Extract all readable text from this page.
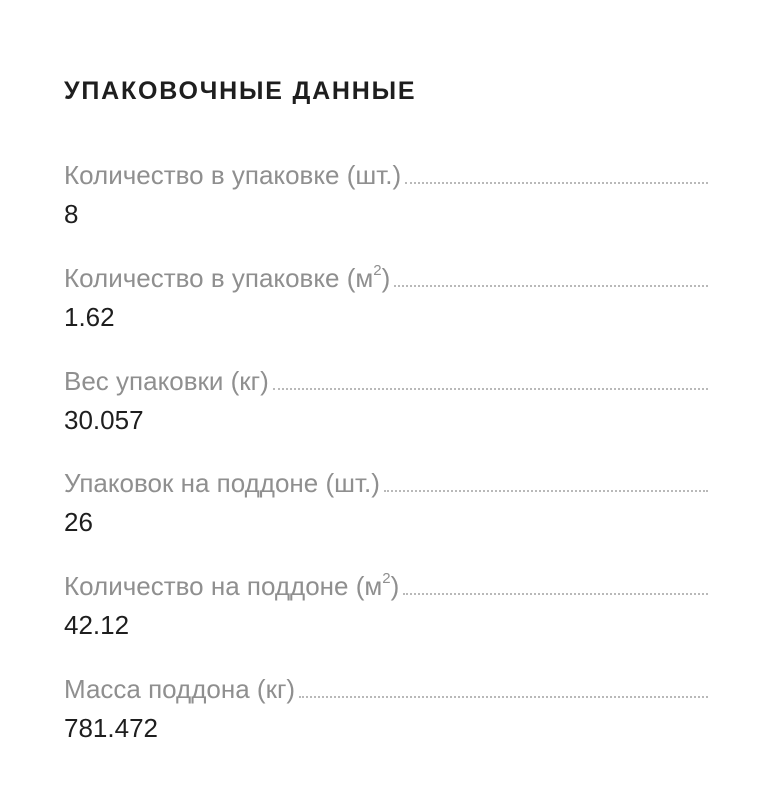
УПАКОВОЧНЫЕ ДАННЫЕ
Количество в упаковке (шт.)
8
Количество в упаковке $(м^2)$
1.62
Вес упаковки (кг)
30.057
Упаковок на поддоне (шт.)
26
Количество на поддоне $(м^2)$
42.12
Масса поддона (кг)
781.472
